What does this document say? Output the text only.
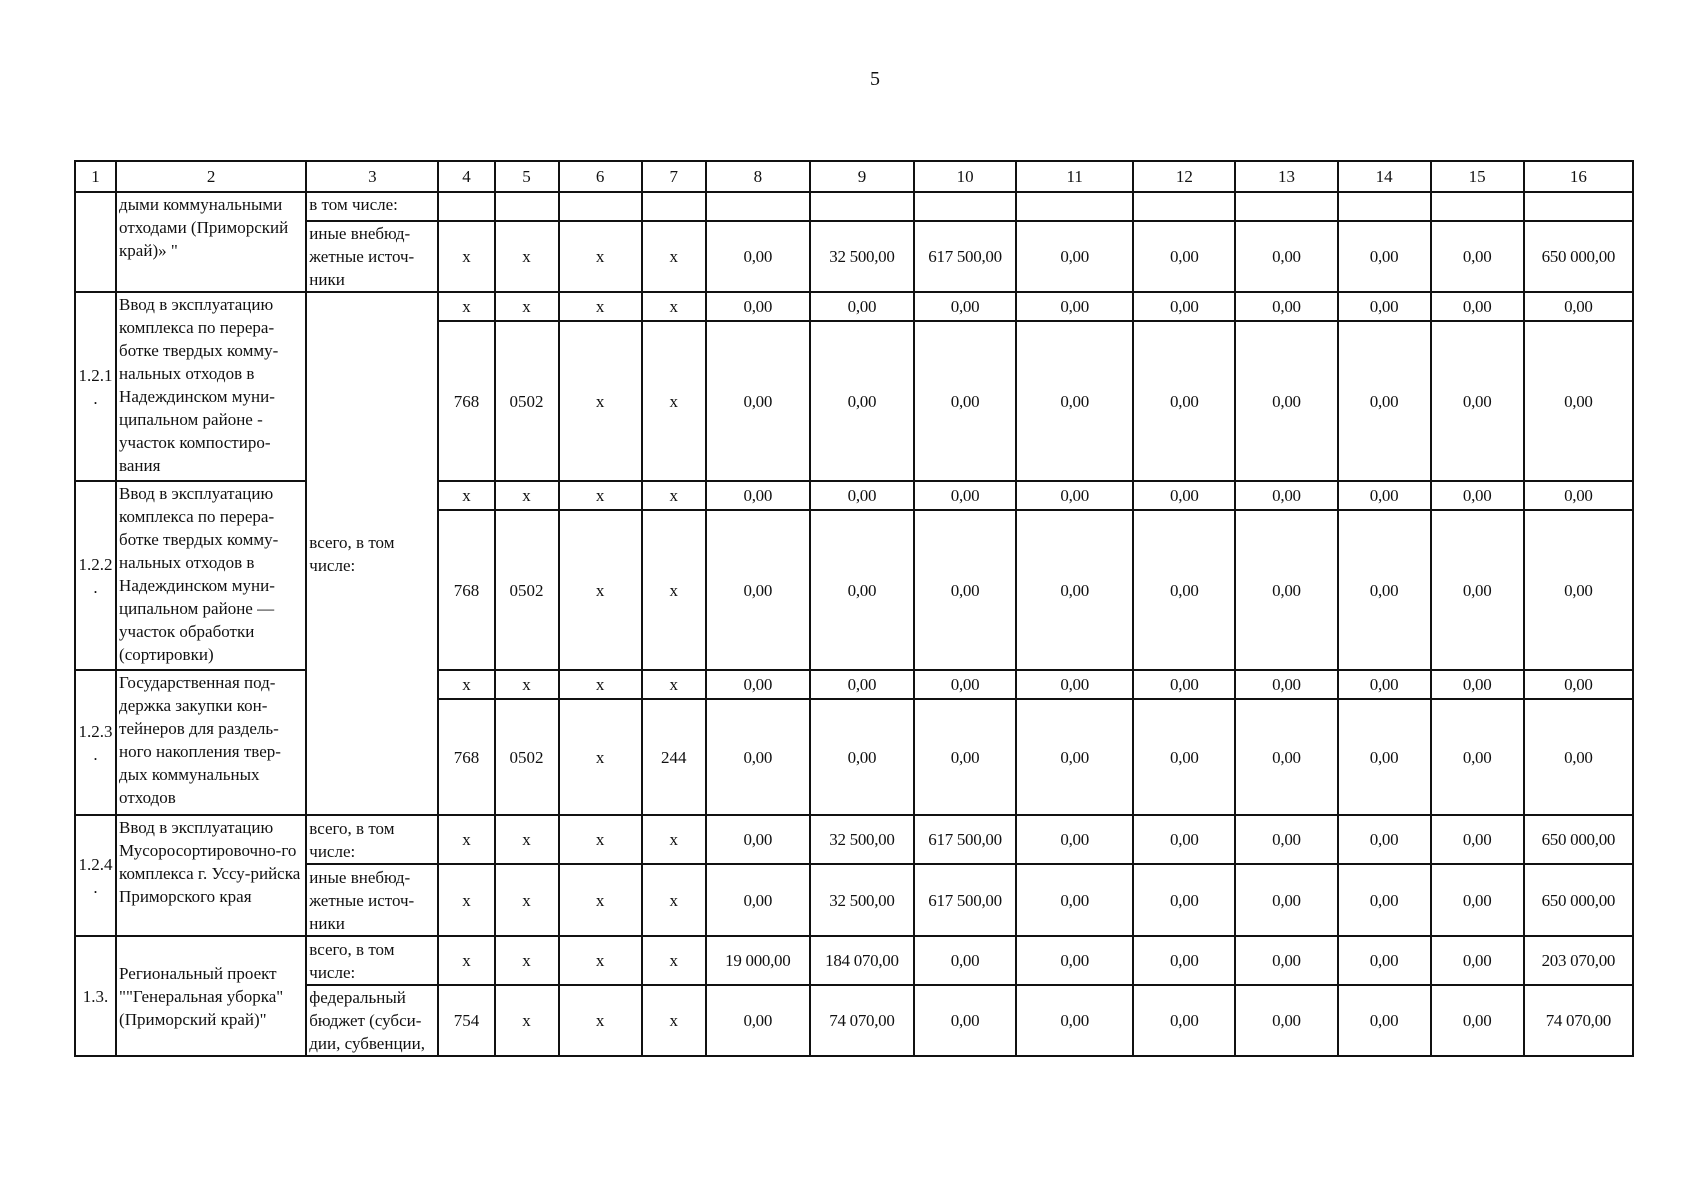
5
1	2	3	4	5	6	7	8	9	10	11	12	13	14	15	16
	дыми коммунальными отходами (Приморский край)» "	в том числе:													
		иные внебюд-жетные источ-ники	x	x	x	x	0,00	32 500,00	617 500,00	0,00	0,00	0,00	0,00	0,00	650 000,00
1.2.1.	Ввод в эксплуатацию комплекса по перера-ботке твердых комму-нальных отходов в Надеждинском муни-ципальном районе - участок компостиро-вания	всего, в том числе:	x	x	x	x	0,00	0,00	0,00	0,00	0,00	0,00	0,00	0,00	0,00
			768	0502	x	x	0,00	0,00	0,00	0,00	0,00	0,00	0,00	0,00	0,00
1.2.2.	Ввод в эксплуатацию комплекса по перера-ботке твердых комму-нальных отходов в Надеждинском муни-ципальном районе — участок обработки (сортировки)		x	x	x	x	0,00	0,00	0,00	0,00	0,00	0,00	0,00	0,00	0,00
			768	0502	x	x	0,00	0,00	0,00	0,00	0,00	0,00	0,00	0,00	0,00
1.2.3.	Государственная под-держка закупки кон-тейнеров для раздель-ного накопления твер-дых коммунальных отходов		x	x	x	x	0,00	0,00	0,00	0,00	0,00	0,00	0,00	0,00	0,00
			768	0502	x	244	0,00	0,00	0,00	0,00	0,00	0,00	0,00	0,00	0,00
1.2.4.	Ввод в эксплуатацию Мусоросортировочно-го комплекса г. Уссу-рийска Приморского края	всего, в том числе:	x	x	x	x	0,00	32 500,00	617 500,00	0,00	0,00	0,00	0,00	0,00	650 000,00
		иные внебюд-жетные источ-ники	x	x	x	x	0,00	32 500,00	617 500,00	0,00	0,00	0,00	0,00	0,00	650 000,00
1.3.	Региональный проект ""Генеральная уборка" (Приморский край)"	всего, в том числе:	x	x	x	x	19 000,00	184 070,00	0,00	0,00	0,00	0,00	0,00	0,00	203 070,00
		федеральный бюджет (субси-дии, субвенции,	754	x	x	x	0,00	74 070,00	0,00	0,00	0,00	0,00	0,00	0,00	74 070,00
